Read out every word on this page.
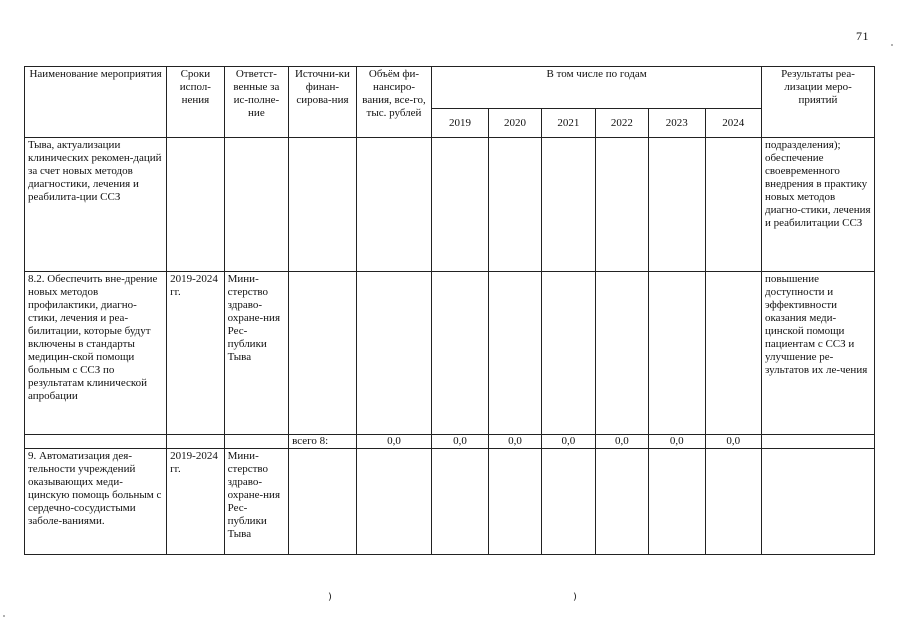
71
Наименование мероприятия	Сроки испол-нения	Ответст-венные за ис-полне-ние	Источни-ки финан-сирова-ния	Объём фи-нансиро-вания, все-го, тыс. рублей	В том числе по годам						Результаты реа-лизации меро-приятий
					2019	2020	2021	2022	2023	2024	
Тыва, актуализации клинических рекомен-даций за счет новых методов диагностики, лечения и реабилита-ции ССЗ											подразделения); обеспечение своевременного внедрения в практику новых методов диагно-стики, лечения и реабилитации ССЗ
8.2. Обеспечить вне-дрение новых методов профилактики, диагно-стики, лечения и реа-билитации, которые будут включены в стандарты медицин-ской помощи больным с ССЗ по результатам клинической апробации	2019-2024 гг.	Мини-стерство здраво-охране-ния Рес-публики Тыва									повышение доступности и эффективности оказания меди-цинской помощи пациентам с ССЗ и улучшение ре-зультатов их ле-чения
			всего 8:	0,0	0,0	0,0	0,0	0,0	0,0	0,0	
9. Автоматизация дея-тельности учреждений оказывающих меди-цинскую помощь больным с сердечно-сосудистыми заболе-ваниями.	2019-2024 гг.	Мини-стерство здраво-охране-ния Рес-публики Тыва									
⁾	⁾
